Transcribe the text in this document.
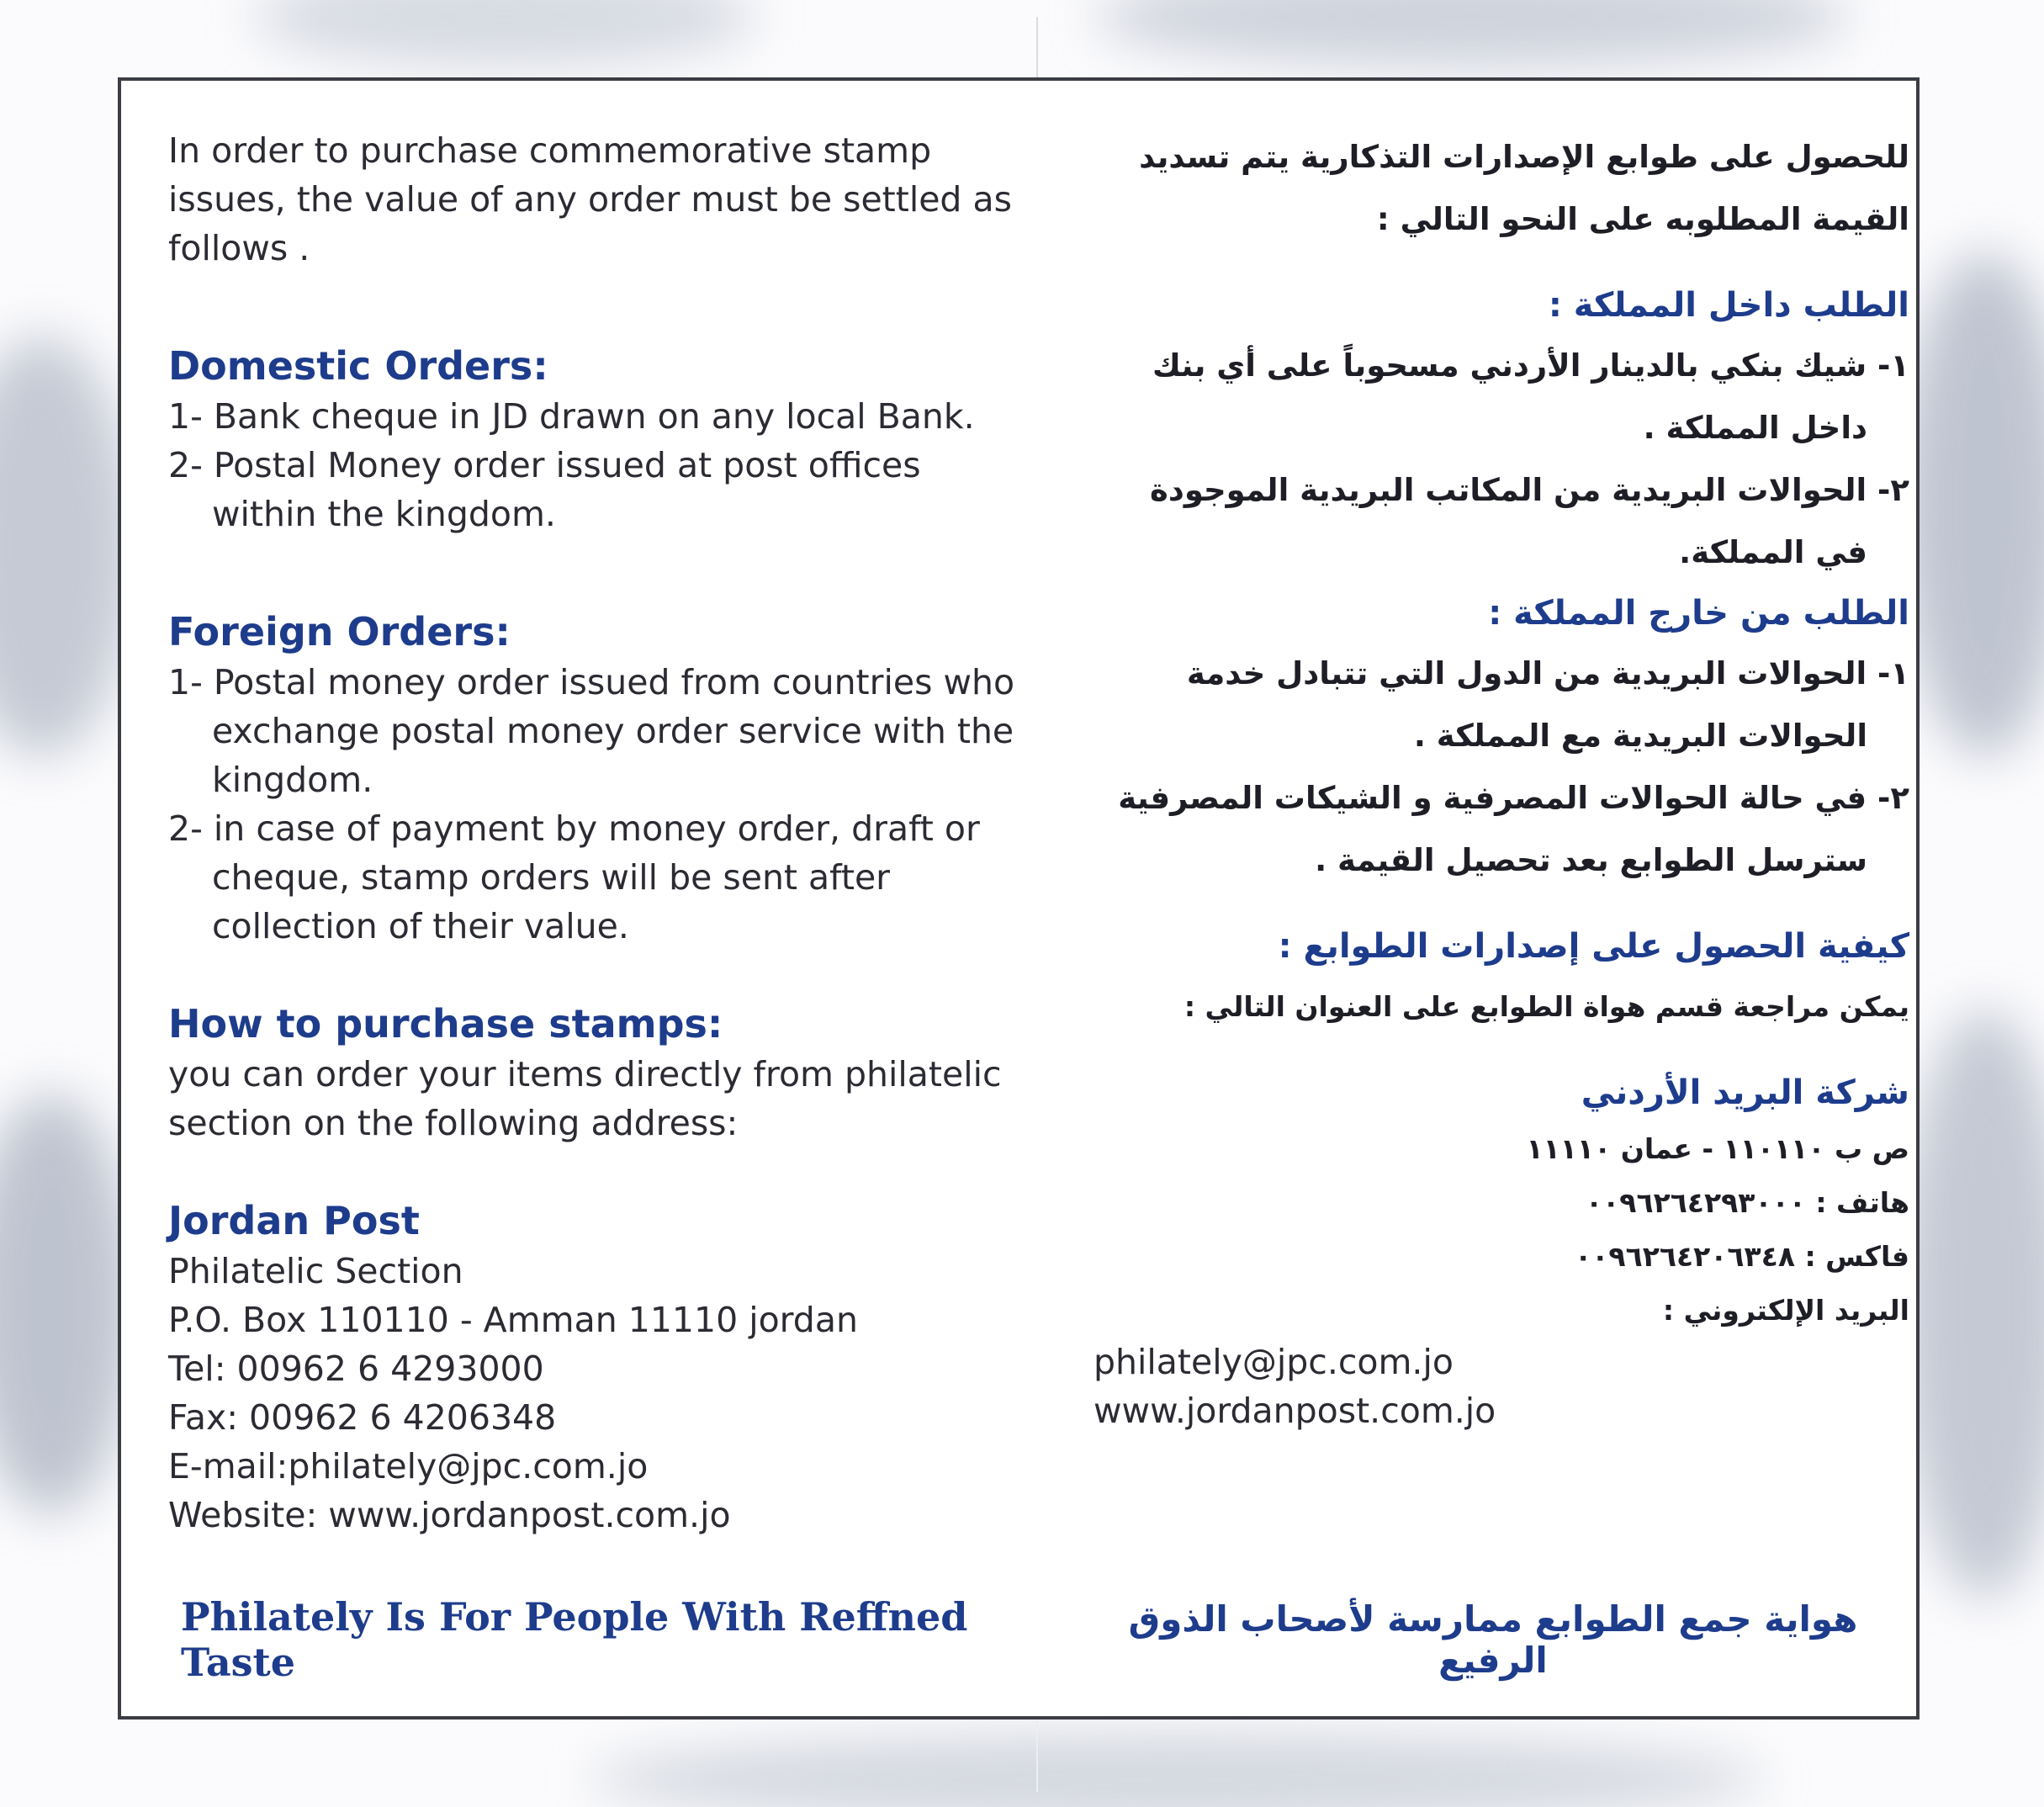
In order to purchase commemorative stamp issues, the value of any order must be settled as follows .

Domestic Orders:

1- Bank cheque in JD drawn on any local Bank.

2- Postal Money order issued at post offices within the kingdom.

Foreign Orders:

1- Postal money order issued from countries who exchange postal money order service with the kingdom.

2- in case of payment by money order, draft or cheque, stamp orders will be sent after collection of their value.

How to purchase stamps:

you can order your items directly from philatelic section on the following address:

Jordan Post

Philatelic Section

P.O. Box 110110 - Amman 11110 jordan

Tel: 00962 6 4293000

Fax: 00962 6 4206348

E-mail:philately@jpc.com.jo

Website: www.jordanpost.com.jo

Philately Is For People With Reffned Taste

للحصول على طوابع الإصدارات التذكارية يتم تسديد القيمة المطلوبه على النحو التالي :

الطلب داخل المملكة :

١- شيك بنكي بالدينار الأردني مسحوباً على أي بنك داخل المملكة .

٢- الحوالات البريدية من المكاتب البريدية الموجودة في المملكة.

الطلب من خارج المملكة :

١- الحوالات البريدية من الدول التي تتبادل خدمة الحوالات البريدية مع المملكة .

٢- في حالة الحوالات المصرفية و الشيكات المصرفية سترسل الطوابع بعد تحصيل القيمة .

كيفية الحصول على إصدارات الطوابع :

يمكن مراجعة قسم هواة الطوابع على العنوان التالي :

شركة البريد الأردني

ص ب ١١٠١١٠ - عمان ١١١١٠

هاتف : ٠٠٩٦٢٦٤٢٩٣٠٠٠

فاكس : ٠٠٩٦٢٦٤٢٠٦٣٤٨

البريد الإلكتروني :

philately@jpc.com.jo

www.jordanpost.com.jo

هواية جمع الطوابع ممارسة لأصحاب الذوق الرفيع
